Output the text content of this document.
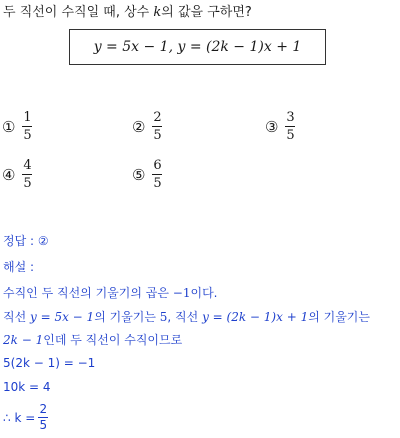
두 직선이 수직일 때, 상수 k의 값을 구하면?
y = 5x − 1, y = (2k − 1)x + 1
① $\frac{1}{5}$	② $\frac{2}{5}$	③ $\frac{3}{5}$
④ $\frac{4}{5}$	⑤ $\frac{6}{5}$
정답 : ②
해설 :
수직인 두 직선의 기울기의 곱은 −1이다.
직선 y = 5x − 1의 기울기는 5, 직선 y = (2k − 1)x + 1의 기울기는
2k − 1인데 두 직선이 수직이므로
5(2k − 1) = −1
10k = 4
∴ $k = \frac{2}{5}$
